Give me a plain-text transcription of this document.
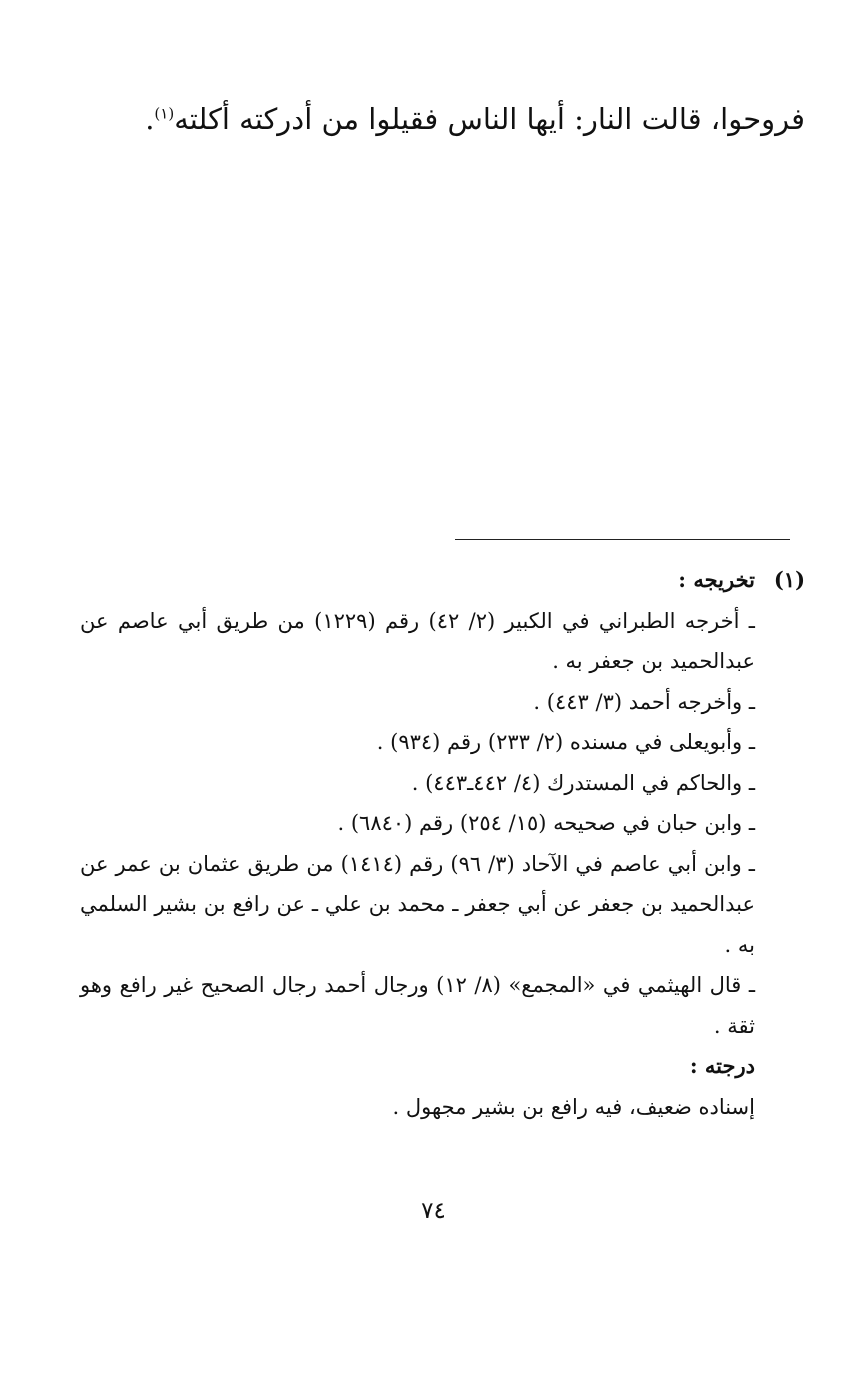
فروحوا، قالت النار: أيها الناس فقيلوا من أدركته أكلته$^{(١)}$.

(١)
تخريجه :
ـ أخرجه الطبراني في الكبير (٢/ ٤٢) رقم (١٢٢٩) من طريق أبي عاصم عن عبدالحميد بن جعفر به .
ـ وأخرجه أحمد (٣/ ٤٤٣) .
ـ وأبويعلى في مسنده (٢/ ٢٣٣) رقم (٩٣٤) .
ـ والحاكم في المستدرك (٤/ ٤٤٢ـ٤٤٣) .
ـ وابن حبان في صحيحه (١٥/ ٢٥٤) رقم (٦٨٤٠) .
ـ وابن أبي عاصم في الآحاد (٣/ ٩٦) رقم (١٤١٤) من طريق عثمان بن عمر عن عبدالحميد بن جعفر عن أبي جعفر ـ محمد بن علي ـ عن رافع بن بشير السلمي به .
ـ قال الهيثمي في «المجمع» (٨/ ١٢) ورجال أحمد رجال الصحيح غير رافع وهو ثقة .
درجته :
إسناده ضعيف، فيه رافع بن بشير مجهول .
٧٤
